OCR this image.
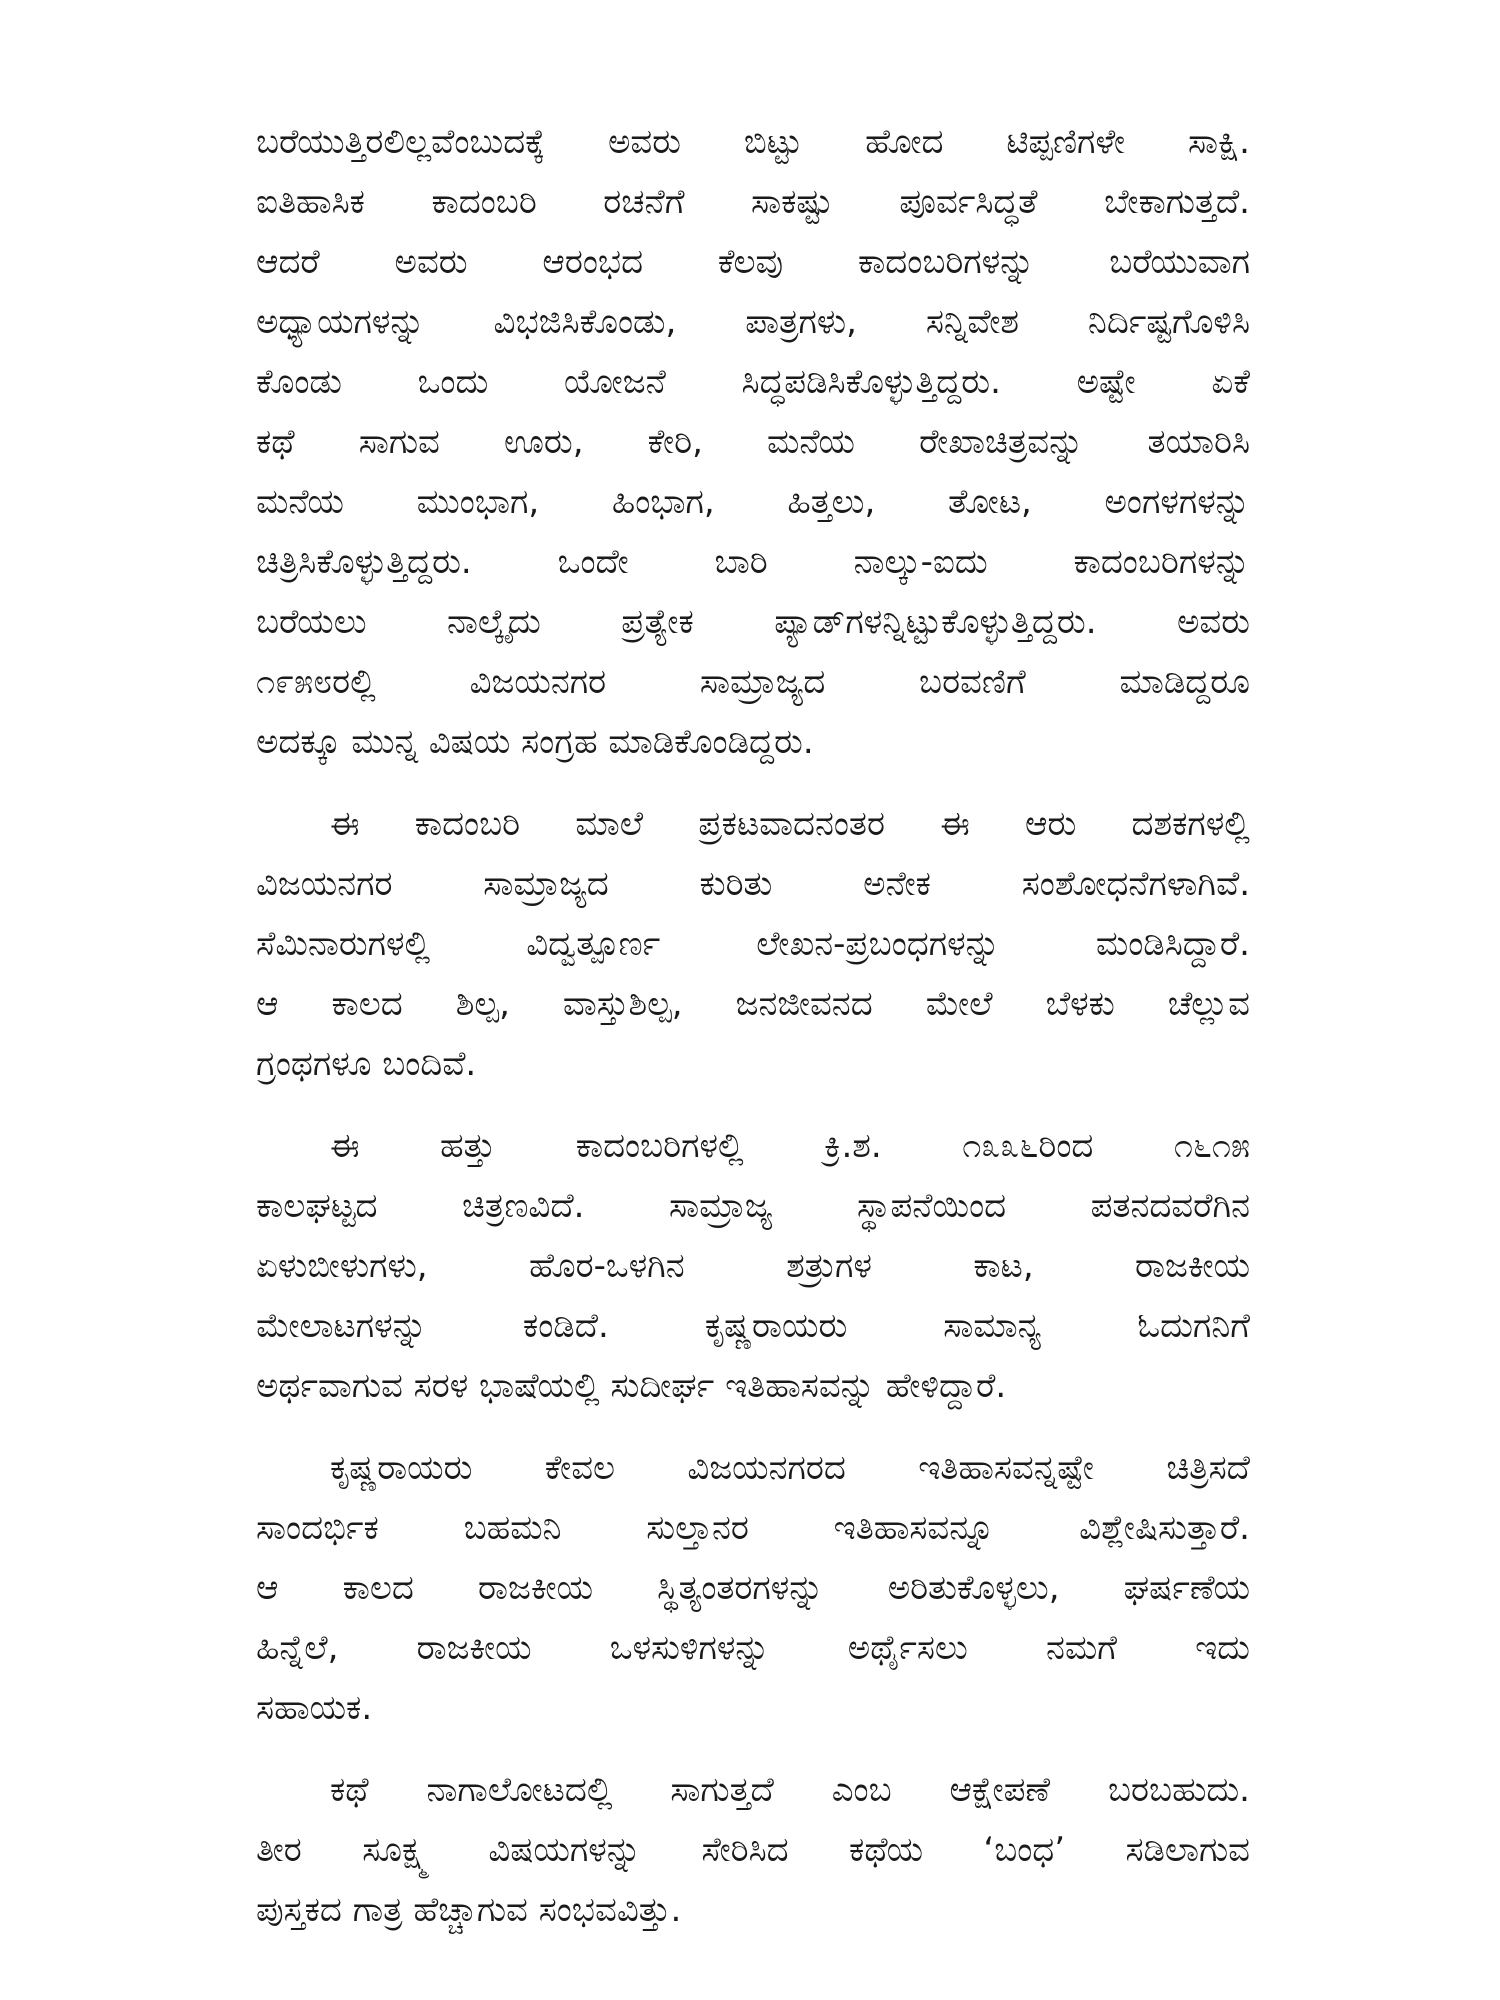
ಬರೆಯುತ್ತಿರಲಿಲ್ಲವೆಂಬುದಕ್ಕೆ ಅವರು ಬಿಟ್ಟು ಹೋದ ಟಿಪ್ಪಣಿಗಳೇ ಸಾಕ್ಷಿ.
ಐತಿಹಾಸಿಕ ಕಾದಂಬರಿ ರಚನೆಗೆ ಸಾಕಷ್ಟು ಪೂರ್ವಸಿದ್ಧತೆ ಬೇಕಾಗುತ್ತದೆ.
ಆದರೆ ಅವರು ಆರಂಭದ ಕೆಲವು ಕಾದಂಬರಿಗಳನ್ನು ಬರೆಯುವಾಗ
ಅಧ್ಯಾಯಗಳನ್ನು ವಿಭಜಿಸಿಕೊಂಡು, ಪಾತ್ರಗಳು, ಸನ್ನಿವೇಶ ನಿರ್ದಿಷ್ಟಗೊಳಿಸಿ
ಕೊಂಡು ಒಂದು ಯೋಜನೆ ಸಿದ್ಧಪಡಿಸಿಕೊಳ್ಳುತ್ತಿದ್ದರು. ಅಷ್ಟೇ ಏಕೆ
ಕಥೆ ಸಾಗುವ ಊರು, ಕೇರಿ, ಮನೆಯ ರೇಖಾಚಿತ್ರವನ್ನು ತಯಾರಿಸಿ
ಮನೆಯ ಮುಂಭಾಗ, ಹಿಂಭಾಗ, ಹಿತ್ತಲು, ತೋಟ, ಅಂಗಳಗಳನ್ನು
ಚಿತ್ರಿಸಿಕೊಳ್ಳುತ್ತಿದ್ದರು. ಒಂದೇ ಬಾರಿ ನಾಲ್ಕು-ಐದು ಕಾದಂಬರಿಗಳನ್ನು
ಬರೆಯಲು ನಾಲ್ಕೈದು ಪ್ರತ್ಯೇಕ ಪ್ಯಾಡ್‌ಗಳನ್ನಿಟ್ಟುಕೊಳ್ಳುತ್ತಿದ್ದರು. ಅವರು
೧೯೫೮ರಲ್ಲಿ ವಿಜಯನಗರ ಸಾಮ್ರಾಜ್ಯದ ಬರವಣಿಗೆ ಮಾಡಿದ್ದರೂ
ಅದಕ್ಕೂ ಮುನ್ನ ವಿಷಯ ಸಂಗ್ರಹ ಮಾಡಿಕೊಂಡಿದ್ದರು.
ಈ ಕಾದಂಬರಿ ಮಾಲೆ ಪ್ರಕಟವಾದನಂತರ ಈ ಆರು ದಶಕಗಳಲ್ಲಿ
ವಿಜಯನಗರ ಸಾಮ್ರಾಜ್ಯದ ಕುರಿತು ಅನೇಕ ಸಂಶೋಧನೆಗಳಾಗಿವೆ.
ಸೆಮಿನಾರುಗಳಲ್ಲಿ ವಿದ್ವತ್ಪೂರ್ಣ ಲೇಖನ-ಪ್ರಬಂಧಗಳನ್ನು ಮಂಡಿಸಿದ್ದಾರೆ.
ಆ ಕಾಲದ ಶಿಲ್ಪ, ವಾಸ್ತುಶಿಲ್ಪ, ಜನಜೀವನದ ಮೇಲೆ ಬೆಳಕು ಚೆಲ್ಲುವ
ಗ್ರಂಥಗಳೂ ಬಂದಿವೆ.
ಈ ಹತ್ತು ಕಾದಂಬರಿಗಳಲ್ಲಿ ಕ್ರಿ.ಶ. ೧೩೩೬ರಿಂದ ೧೬೧೫
ಕಾಲಘಟ್ಟದ ಚಿತ್ರಣವಿದೆ. ಸಾಮ್ರಾಜ್ಯ ಸ್ಥಾಪನೆಯಿಂದ ಪತನದವರೆಗಿನ
ಏಳುಬೀಳುಗಳು, ಹೊರ-ಒಳಗಿನ ಶತ್ರುಗಳ ಕಾಟ, ರಾಜಕೀಯ
ಮೇಲಾಟಗಳನ್ನು ಕಂಡಿದೆ. ಕೃಷ್ಣರಾಯರು ಸಾಮಾನ್ಯ ಓದುಗನಿಗೆ
ಅರ್ಥವಾಗುವ ಸರಳ ಭಾಷೆಯಲ್ಲಿ ಸುದೀರ್ಘ ಇತಿಹಾಸವನ್ನು ಹೇಳಿದ್ದಾರೆ.
ಕೃಷ್ಣರಾಯರು ಕೇವಲ ವಿಜಯನಗರದ ಇತಿಹಾಸವನ್ನಷ್ಟೇ ಚಿತ್ರಿಸದೆ
ಸಾಂದರ್ಭಿಕ ಬಹಮನಿ ಸುಲ್ತಾನರ ಇತಿಹಾಸವನ್ನೂ ವಿಶ್ಲೇಷಿಸುತ್ತಾರೆ.
ಆ ಕಾಲದ ರಾಜಕೀಯ ಸ್ಥಿತ್ಯಂತರಗಳನ್ನು ಅರಿತುಕೊಳ್ಳಲು, ಘರ್ಷಣೆಯ
ಹಿನ್ನೆಲೆ, ರಾಜಕೀಯ ಒಳಸುಳಿಗಳನ್ನು ಅರ್ಥೈಸಲು ನಮಗೆ ಇದು
ಸಹಾಯಕ.
ಕಥೆ ನಾಗಾಲೋಟದಲ್ಲಿ ಸಾಗುತ್ತದೆ ಎಂಬ ಆಕ್ಷೇಪಣೆ ಬರಬಹುದು.
ತೀರ ಸೂಕ್ಷ್ಮ ವಿಷಯಗಳನ್ನು ಸೇರಿಸಿದ ಕಥೆಯ ‘ಬಂಧ’ ಸಡಿಲಾಗುವ
ಪುಸ್ತಕದ ಗಾತ್ರ ಹೆಚ್ಚಾಗುವ ಸಂಭವವಿತ್ತು.
